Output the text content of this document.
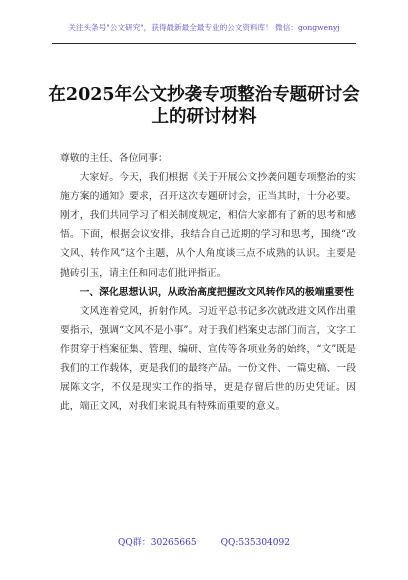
关注头条号"公文研究"，获得最新最全最专业的公文资料库！ 微信：gongwenyj
在2025年公文抄袭专项整治专题研讨会
上的研讨材料

尊敬的主任、各位同事：

大家好。今天，我们根据《关于开展公文抄袭问题专项整治的实施方案的通知》要求，召开这次专题研讨会，正当其时，十分必要。刚才，我们共同学习了相关制度规定，相信大家都有了新的思考和感悟。下面，根据会议安排，我结合自己近期的学习和思考，围绕“改文风、转作风”这个主题，从个人角度谈三点不成熟的认识。主要是抛砖引玉，请主任和同志们批评指正。

一、深化思想认识，从政治高度把握改文风转作风的极端重要性

文风连着党风，折射作风。习近平总书记多次就改进文风作出重要指示，强调“文风不是小事”。对于我们档案史志部门而言，文字工作贯穿于档案征集、管理、编研、宣传等各项业务的始终，“文”既是我们的工作载体，更是我们的最终产品。一份文件、一篇史稿、一段展陈文字，不仅是现实工作的指导，更是存留后世的历史凭证。因此，端正文风，对我们来说具有特殊而重要的意义。

QQ群：30265665	QQ:535304092
